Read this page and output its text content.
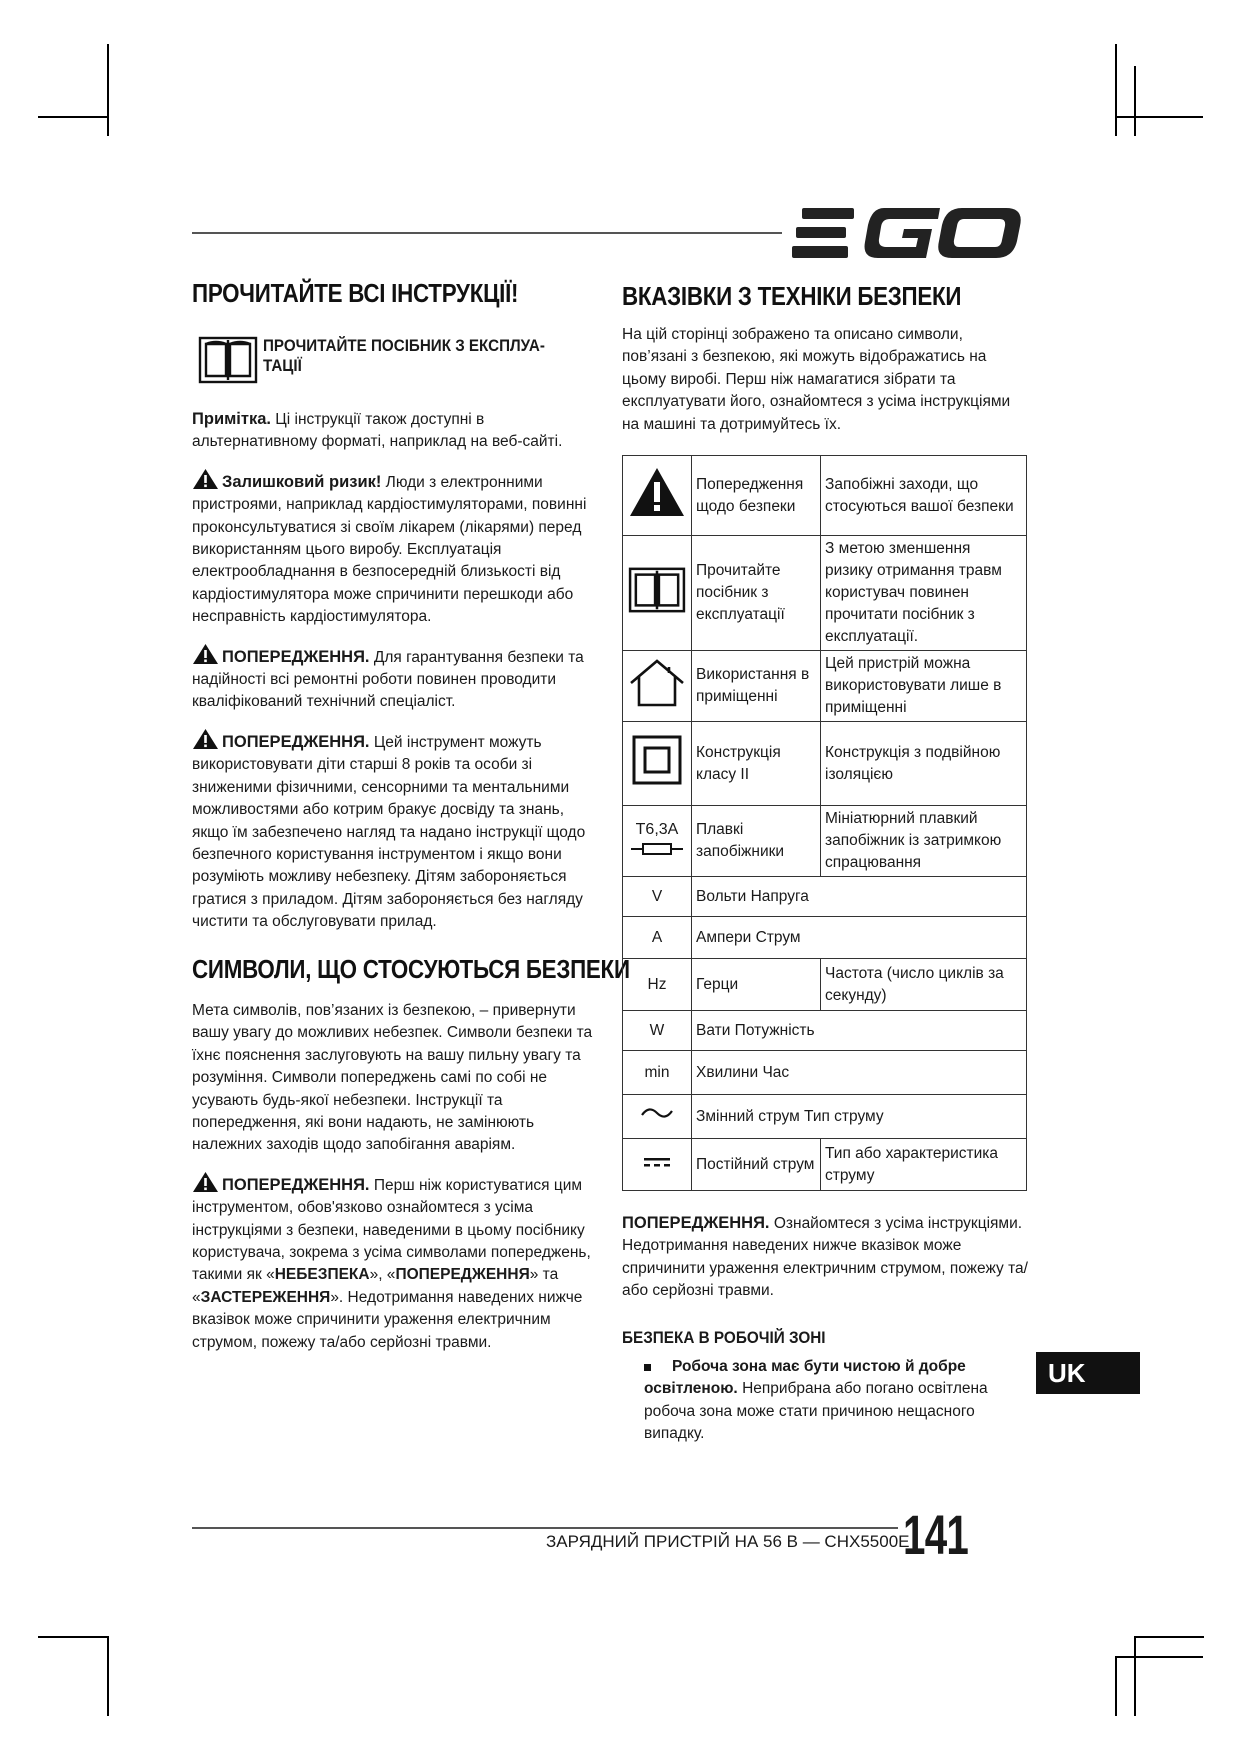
ПРОЧИТАЙТЕ ВСІ ІНСТРУКЦІЇ!
ПРОЧИТАЙТЕ ПОСІБНИК З ЕКСПЛУА-ТАЦІЇ

Примітка. Ці інструкції також доступні в альтернативному форматі, наприклад на веб-сайті.

Залишковий ризик! Люди з електронними пристроями, наприклад кардіостимуляторами, повинні проконсультуватися зі своїм лікарем (лікарями) перед використанням цього виробу. Експлуатація електрообладнання в безпосередній близькості від кардіостимулятора може спричинити перешкоди або несправність кардіостимулятора.

ПОПЕРЕДЖЕННЯ. Для гарантування безпеки та надійності всі ремонтні роботи повинен проводити кваліфікований технічний спеціаліст.

ПОПЕРЕДЖЕННЯ. Цей інструмент можуть використовувати діти старші 8 років та особи зі зниженими фізичними, сенсорними та ментальними можливостями або котрим бракує досвіду та знань, якщо їм забезпечено нагляд та надано інструкції щодо безпечного користування інструментом і якщо вони розуміють можливу небезпеку. Дітям забороняється гратися з приладом. Дітям забороняється без нагляду чистити та обслуговувати прилад.

СИМВОЛИ, ЩО СТОСУЮТЬСЯ БЕЗПЕКИ

Мета символів, пов’язаних із безпекою, – привернути вашу увагу до можливих небезпек. Символи безпеки та їхнє пояснення заслуговують на вашу пильну увагу та розуміння. Символи попереджень самі по собі не усувають будь-якої небезпеки. Інструкції та попередження, які вони надають, не замінюють належних заходів щодо запобігання аваріям.

ПОПЕРЕДЖЕННЯ. Перш ніж користуватися цим інструментом, обов'язково ознайомтеся з усіма інструкціями з безпеки, наведеними в цьому посібнику користувача, зокрема з усіма символами попереджень, такими як «НЕБЕЗПЕКА», «ПОПЕРЕДЖЕННЯ» та «ЗАСТЕРЕЖЕННЯ». Недотримання наведених нижче вказівок може спричинити ураження електричним струмом, пожежу та/або серйозні травми.

ВКАЗІВКИ З ТЕХНІКИ БЕЗПЕКИ
На цій сторінці зображено та описано символи, пов’язані з безпекою, які можуть відображатись на цьому виробі. Перш ніж намагатися зібрати та експлуатувати його, ознайомтеся з усіма інструкціями на машині та дотримуйтесь їх.
	Попередження щодо безпеки	Запобіжні заходи, що стосуються вашої безпеки
	Прочитайте посібник з експлуатації	З метою зменшення ризику отримання травм користувач повинен прочитати посібник з експлуатації.
	Використання в приміщенні	Цей пристрій можна використовувати лише в приміщенні
	Конструкція класу II	Конструкція з подвійною ізоляцією

T6,3A	Плавкі запобіжники	Мініатюрний плавкий запобіжник із затримкою спрацювання
V	Вольти Напруга	
A	Ампери Струм	
Hz	Герци	Частота (число циклів за секунду)
W	Вати Потужність	
min	Хвилини Час	
	Змінний струм Тип струму	
	Постійний струм	Тип або характеристика струму

ПОПЕРЕДЖЕННЯ. Ознайомтеся з усіма інструкціями. Недотримання наведених нижче вказівок може спричинити ураження електричним струмом, пожежу та/або серйозні травми.

БЕЗПЕКА В РОБОЧІЙ ЗОНІ
Робоча зона має бути чистою й добре освітленою. Неприбрана або погано освітлена робоча зона може стати причиною нещасного випадку.
UK
ЗАРЯДНИЙ ПРИСТРІЙ НА 56 В — CHX5500E
141
